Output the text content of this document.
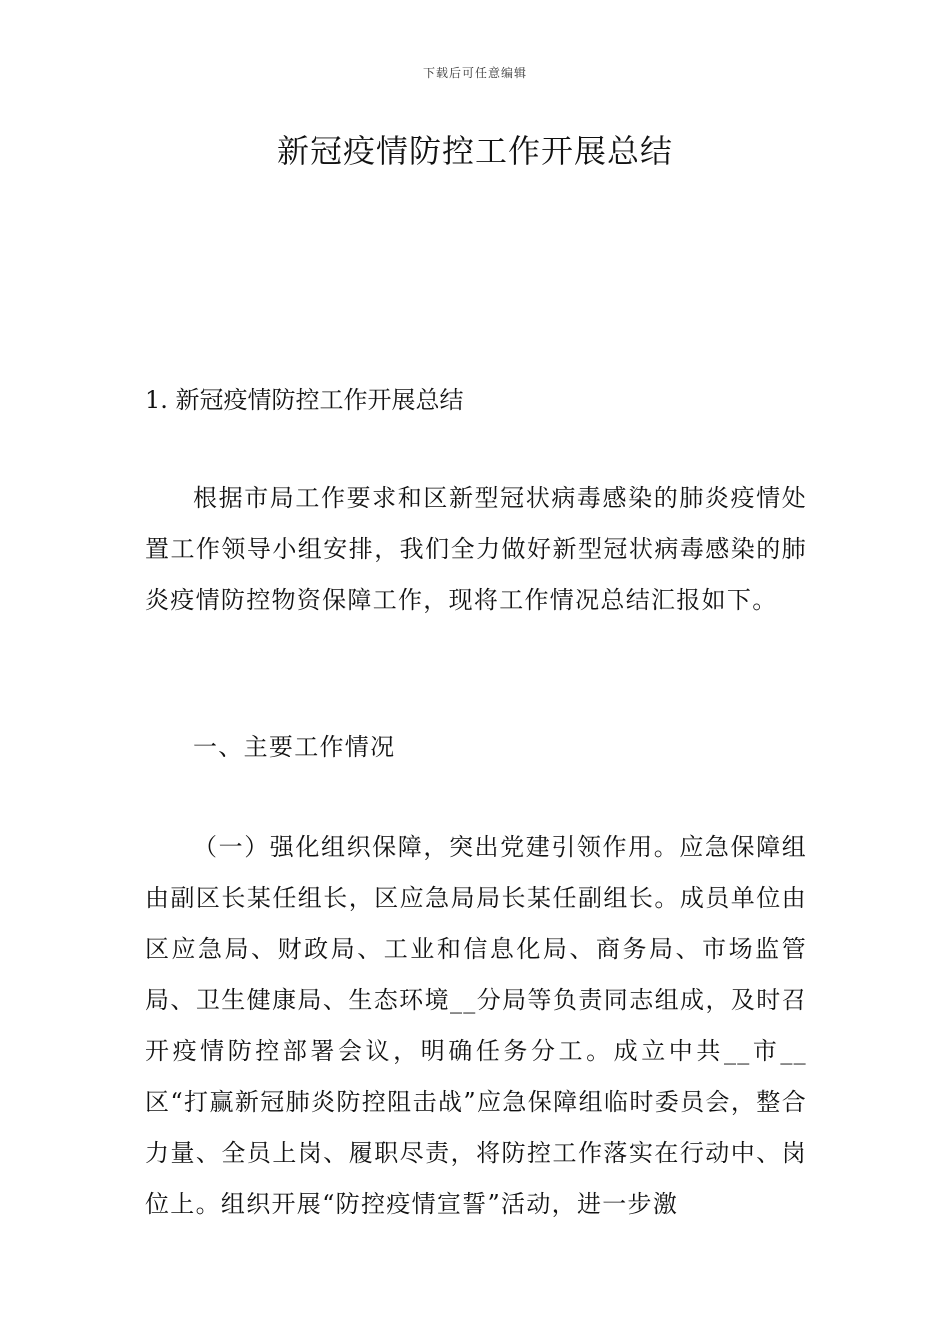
下载后可任意编辑
新冠疫情防控工作开展总结
1. 新冠疫情防控工作开展总结
根据市局工作要求和区新型冠状病毒感染的肺炎疫情处置工作领导小组安排，我们全力做好新型冠状病毒感染的肺炎疫情防控物资保障工作，现将工作情况总结汇报如下。
一、主要工作情况
（一）强化组织保障，突出党建引领作用。应急保障组由副区长某任组长，区应急局局长某任副组长。成员单位由区应急局、财政局、工业和信息化局、商务局、市场监管局、卫生健康局、生态环境__分局等负责同志组成，及时召开疫情防控部署会议，明确任务分工。成立中共__市__区“打赢新冠肺炎防控阻击战”应急保障组临时委员会，整合力量、全员上岗、履职尽责，将防控工作落实在行动中、岗位上。组织开展“防控疫情宣誓”活动，进一步激
